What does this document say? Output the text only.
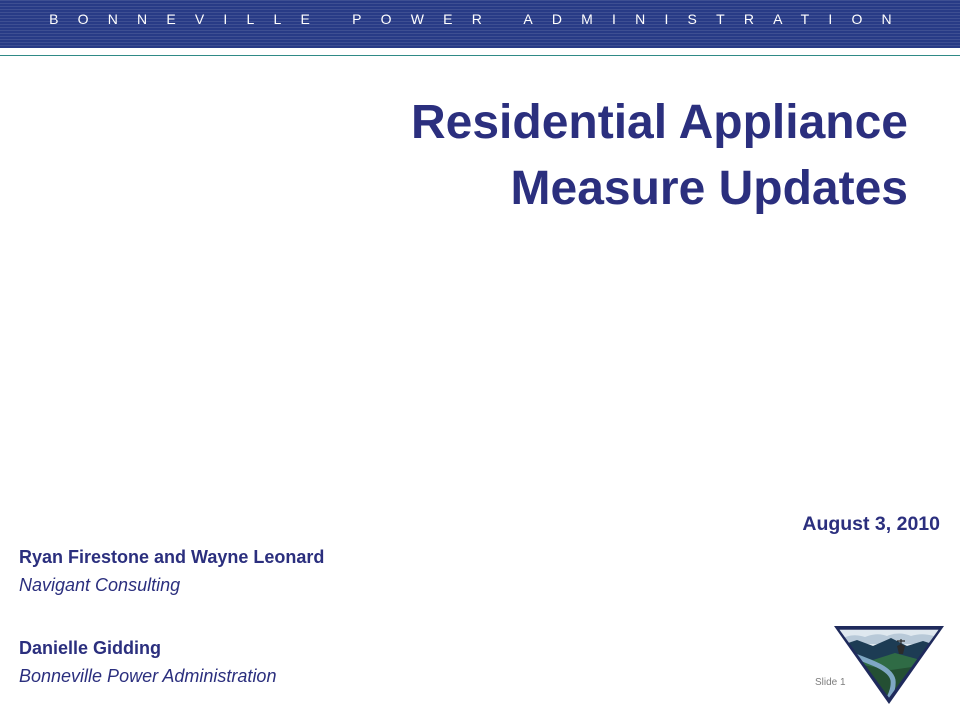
BONNEVILLE POWER ADMINISTRATION
Residential Appliance
Measure Updates
August 3, 2010
Ryan Firestone and Wayne Leonard
Navigant Consulting
Danielle Gidding
Bonneville Power Administration	Slide 1
